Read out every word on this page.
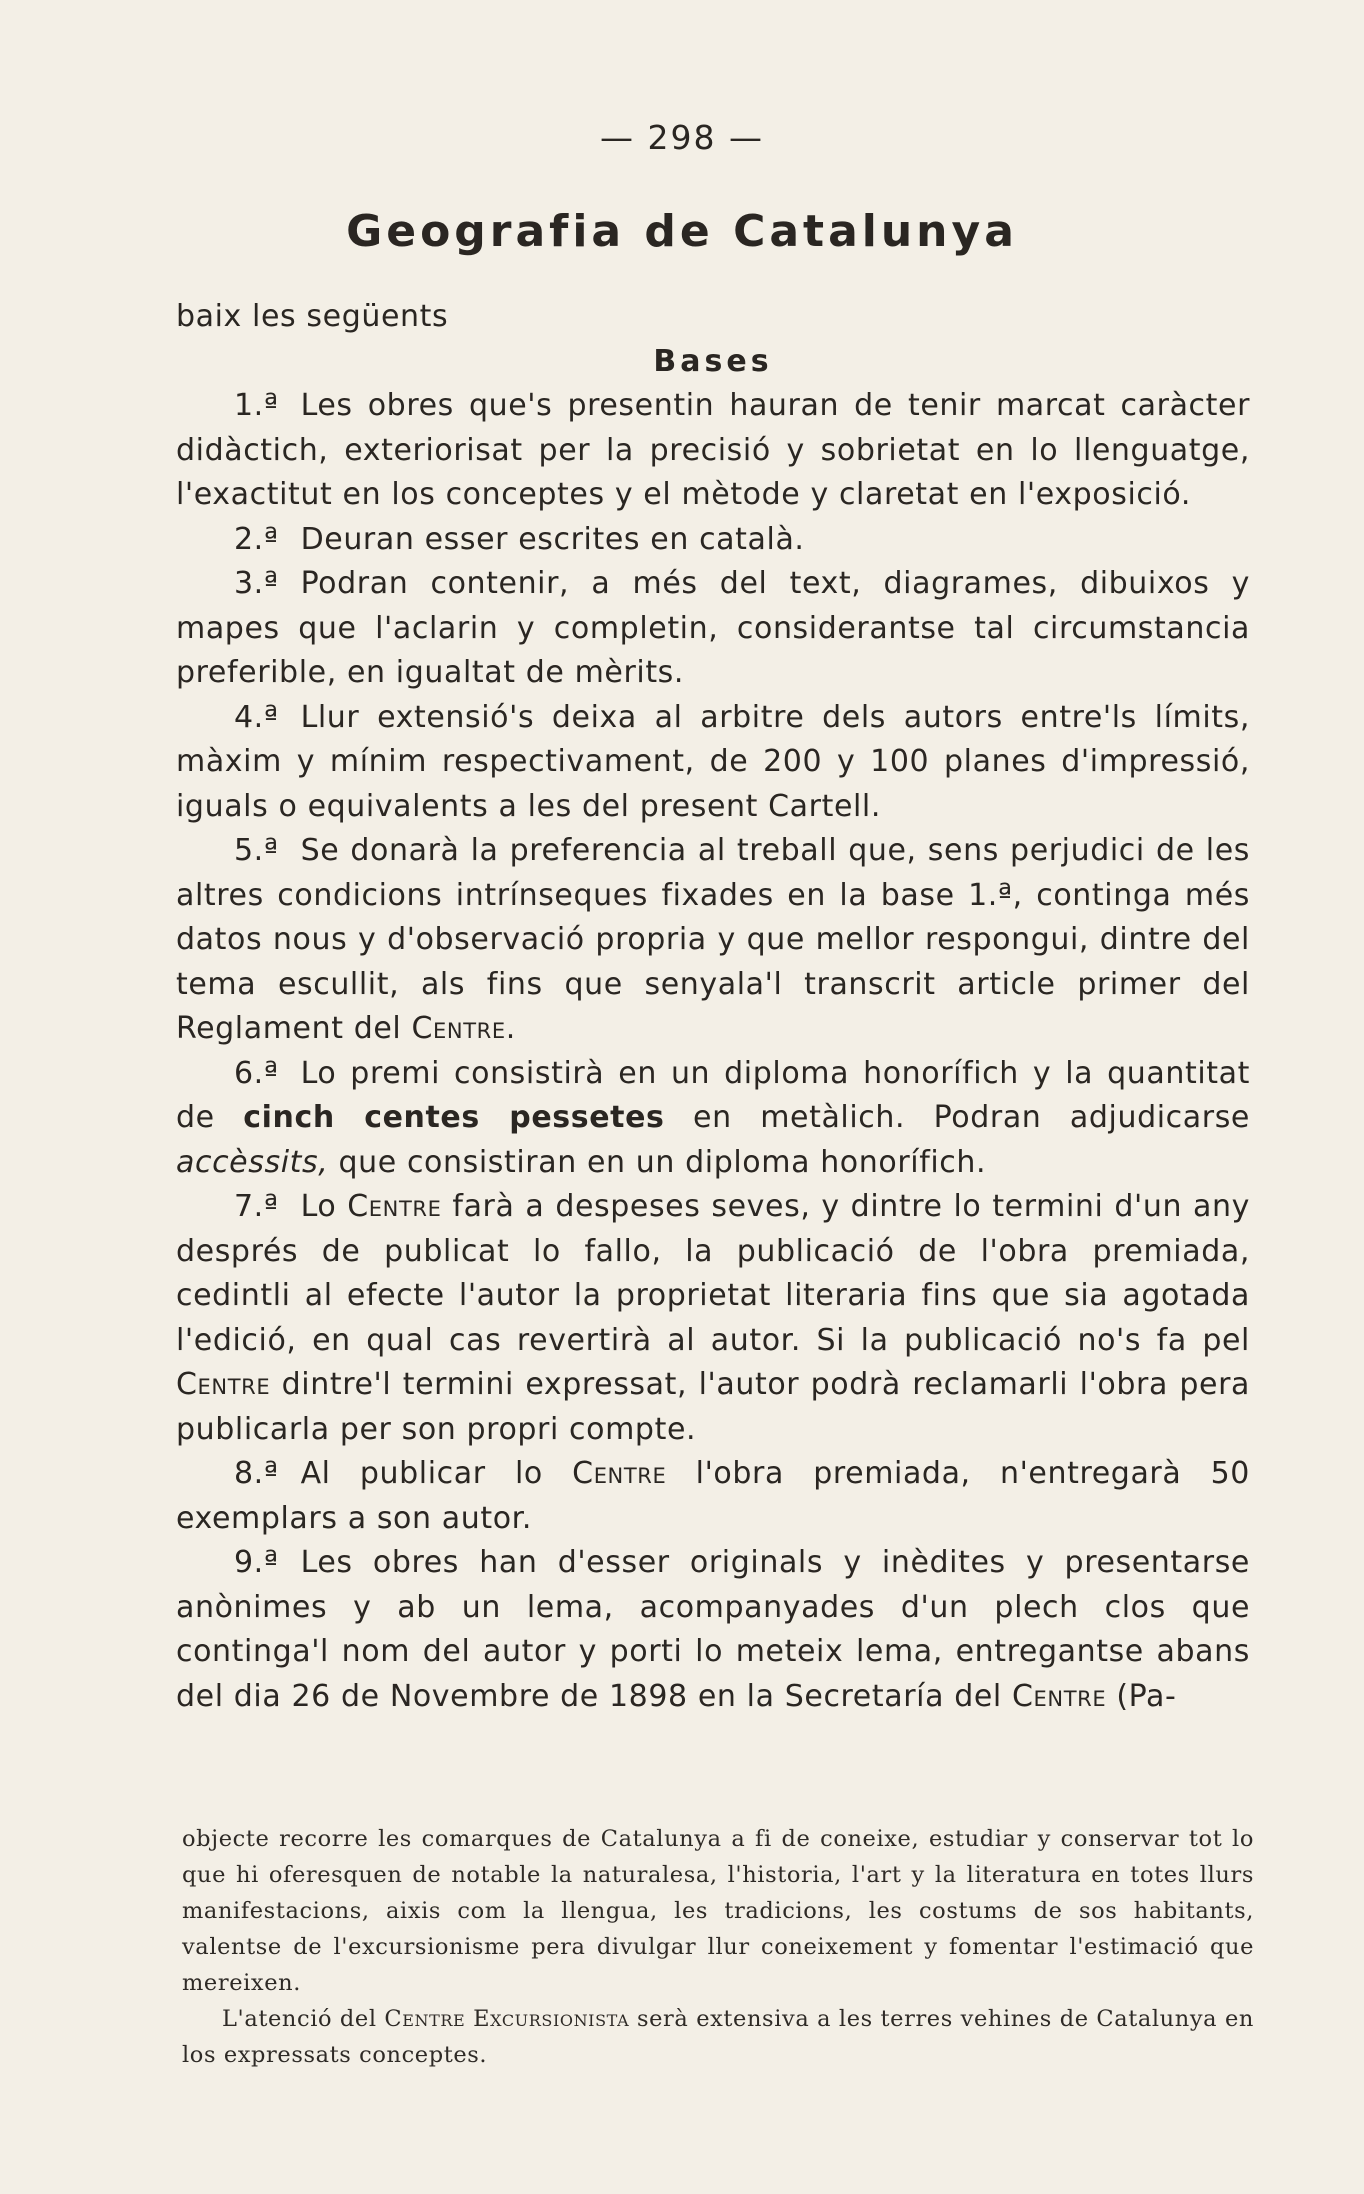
— 298 —
Geografia de Catalunya

baix les següents

Bases

1.ª Les obres que's presentin hauran de tenir marcat caràcter didàctich, exteriorisat per la precisió y sobrietat en lo llenguatge, l'exactitut en los conceptes y el mètode y claretat en l'exposició.

2.ª Deuran esser escrites en català.

3.ª Podran contenir, a més del text, diagrames, dibuixos y mapes que l'aclarin y completin, considerantse tal circumstancia preferible, en igualtat de mèrits.

4.ª Llur extensió's deixa al arbitre dels autors entre'ls límits, màxim y mínim respectivament, de 200 y 100 planes d'impressió, iguals o equivalents a les del present Cartell.

5.ª Se donarà la preferencia al treball que, sens perjudici de les altres condicions intrínseques fixades en la base 1.ª, continga més datos nous y d'observació propria y que mellor respongui, dintre del tema escullit, als fins que senyala'l transcrit article primer del Reglament del Centre.

6.ª Lo premi consistirà en un diploma honorífich y la quantitat de cinch centes pessetes en metàlich. Podran adjudicarse accèssits, que consistiran en un diploma honorífich.

7.ª Lo Centre farà a despeses seves, y dintre lo termini d'un any després de publicat lo fallo, la publicació de l'obra premiada, cedintli al efecte l'autor la proprietat literaria fins que sia agotada l'edició, en qual cas revertirà al autor. Si la publicació no's fa pel Centre dintre'l termini expressat, l'autor podrà reclamarli l'obra pera publicarla per son propri compte.

8.ª Al publicar lo Centre l'obra premiada, n'entregarà 50 exemplars a son autor.

9.ª Les obres han d'esser originals y inèdites y presentarse anònimes y ab un lema, acompanyades d'un plech clos que continga'l nom del autor y porti lo meteix lema, entregantse abans del dia 26 de Novembre de 1898 en la Secretaría del Centre (Pa-

objecte recorre les comarques de Catalunya a fi de coneixe, estudiar y conservar tot lo que hi oferesquen de notable la naturalesa, l'historia, l'art y la literatura en totes llurs manifestacions, aixis com la llengua, les tradicions, les costums de sos habitants, valentse de l'excursionisme pera divulgar llur coneixement y fomentar l'estimació que mereixen.

L'atenció del Centre Excursionista serà extensiva a les terres vehines de Catalunya en los expressats conceptes.
